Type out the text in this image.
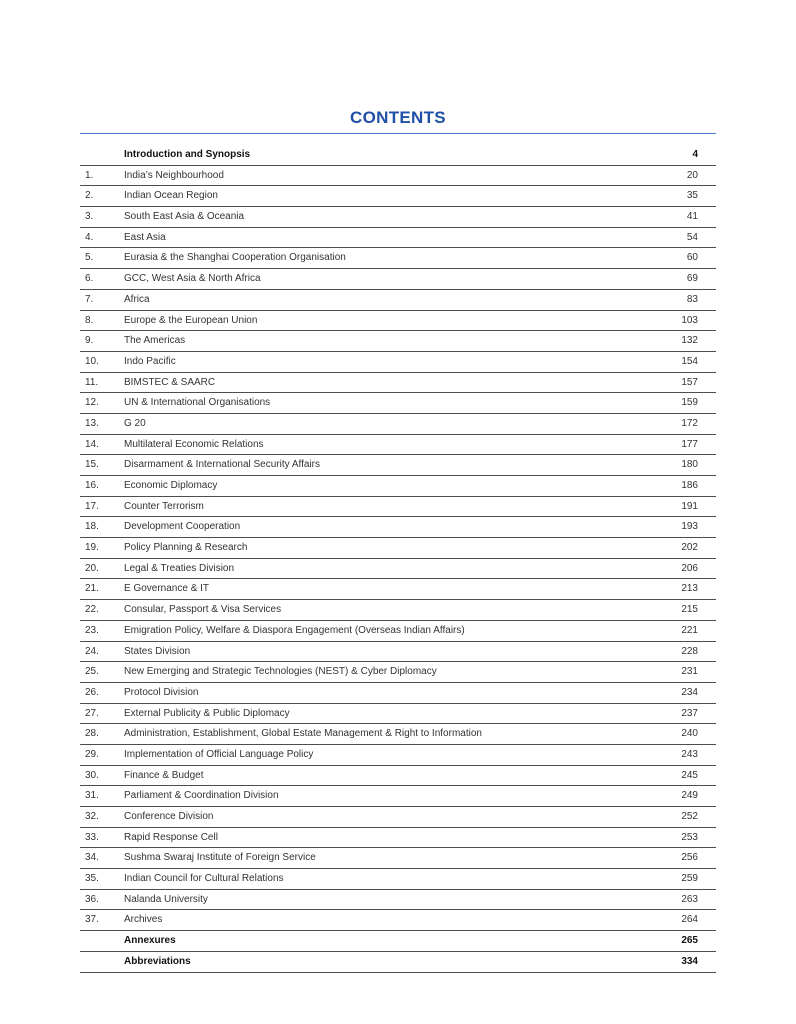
CONTENTS
Introduction and Synopsis	4
1.	India’s Neighbourhood	20
2.	Indian Ocean Region	35
3.	South East Asia & Oceania	41
4.	East Asia	54
5.	Eurasia & the Shanghai Cooperation Organisation	60
6.	GCC, West Asia & North Africa	69
7.	Africa	83
8.	Europe & the European Union	103
9.	The Americas	132
10.	Indo Pacific	154
11.	BIMSTEC & SAARC	157
12.	UN & International Organisations	159
13.	G 20	172
14.	Multilateral Economic Relations	177
15.	Disarmament & International Security Affairs	180
16.	Economic Diplomacy	186
17.	Counter Terrorism	191
18.	Development Cooperation	193
19.	Policy Planning & Research	202
20.	Legal & Treaties Division	206
21.	E Governance & IT	213
22.	Consular, Passport & Visa Services	215
23.	Emigration Policy, Welfare & Diaspora Engagement (Overseas Indian Affairs)	221
24.	States Division	228
25.	New Emerging and Strategic Technologies (NEST) & Cyber Diplomacy	231
26.	Protocol Division	234
27.	External Publicity & Public Diplomacy	237
28.	Administration, Establishment, Global Estate Management & Right to Information	240
29.	Implementation of Official Language Policy	243
30.	Finance & Budget	245
31.	Parliament & Coordination Division	249
32.	Conference Division	252
33.	Rapid Response Cell	253
34.	Sushma Swaraj Institute of Foreign Service	256
35.	Indian Council for Cultural Relations	259
36.	Nalanda University	263
37.	Archives	264
Annexures	265
Abbreviations	334
